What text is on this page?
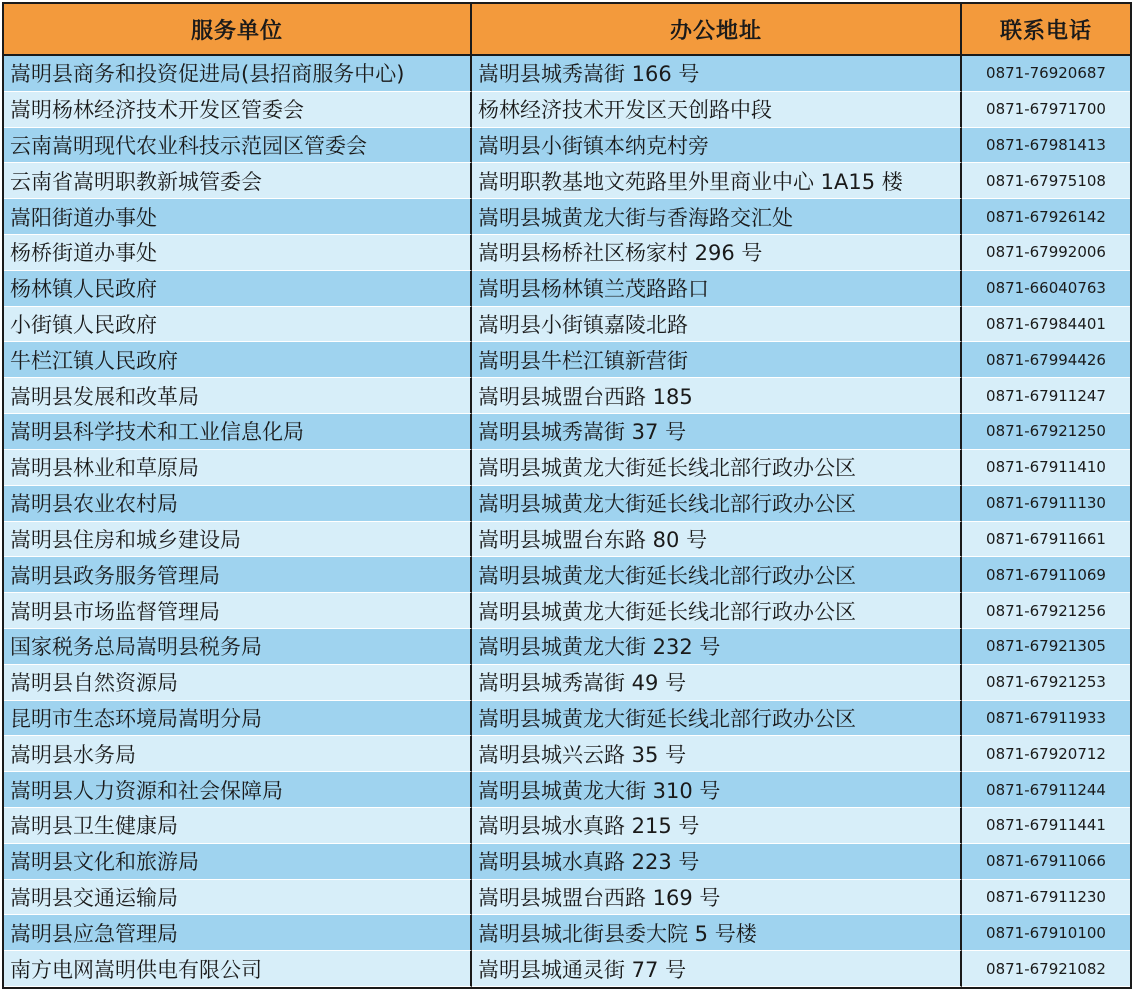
服务单位	办公地址	联系电话
嵩明县商务和投资促进局(县招商服务中心)	嵩明县城秀嵩街 166 号	0871-76920687
嵩明杨林经济技术开发区管委会	杨林经济技术开发区天创路中段	0871-67971700
云南嵩明现代农业科技示范园区管委会	嵩明县小街镇本纳克村旁	0871-67981413
云南省嵩明职教新城管委会	嵩明职教基地文苑路里外里商业中心 1A15 楼	0871-67975108
嵩阳街道办事处	嵩明县城黄龙大街与香海路交汇处	0871-67926142
杨桥街道办事处	嵩明县杨桥社区杨家村 296 号	0871-67992006
杨林镇人民政府	嵩明县杨林镇兰茂路路口	0871-66040763
小街镇人民政府	嵩明县小街镇嘉陵北路	0871-67984401
牛栏江镇人民政府	嵩明县牛栏江镇新营街	0871-67994426
嵩明县发展和改革局	嵩明县城盟台西路 185	0871-67911247
嵩明县科学技术和工业信息化局	嵩明县城秀嵩街 37 号	0871-67921250
嵩明县林业和草原局	嵩明县城黄龙大街延长线北部行政办公区	0871-67911410
嵩明县农业农村局	嵩明县城黄龙大街延长线北部行政办公区	0871-67911130
嵩明县住房和城乡建设局	嵩明县城盟台东路 80 号	0871-67911661
嵩明县政务服务管理局	嵩明县城黄龙大街延长线北部行政办公区	0871-67911069
嵩明县市场监督管理局	嵩明县城黄龙大街延长线北部行政办公区	0871-67921256
国家税务总局嵩明县税务局	嵩明县城黄龙大街 232 号	0871-67921305
嵩明县自然资源局	嵩明县城秀嵩街 49 号	0871-67921253
昆明市生态环境局嵩明分局	嵩明县城黄龙大街延长线北部行政办公区	0871-67911933
嵩明县水务局	嵩明县城兴云路 35 号	0871-67920712
嵩明县人力资源和社会保障局	嵩明县城黄龙大街 310 号	0871-67911244
嵩明县卫生健康局	嵩明县城水真路 215 号	0871-67911441
嵩明县文化和旅游局	嵩明县城水真路 223 号	0871-67911066
嵩明县交通运输局	嵩明县城盟台西路 169 号	0871-67911230
嵩明县应急管理局	嵩明县城北街县委大院 5 号楼	0871-67910100
南方电网嵩明供电有限公司	嵩明县城通灵街 77 号	0871-67921082
